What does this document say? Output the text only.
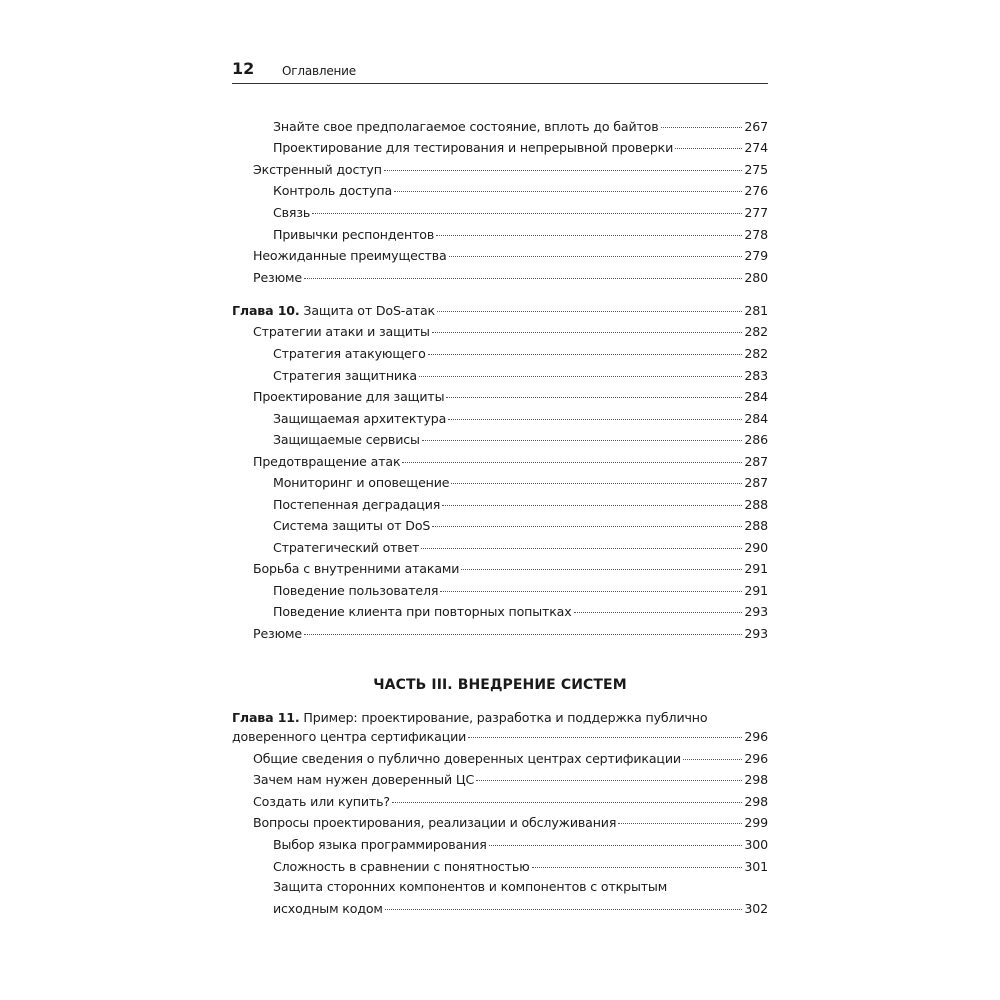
12 Оглавление
Знайте свое предполагаемое состояние, вплоть до байтов	267
Проектирование для тестирования и непрерывной проверки	274
Экстренный доступ	275
Контроль доступа	276
Связь	277
Привычки респондентов	278
Неожиданные преимущества	279
Резюме	280
Глава 10. Защита от DoS-атак	281
Стратегии атаки и защиты	282
Стратегия атакующего	282
Стратегия защитника	283
Проектирование для защиты	284
Защищаемая архитектура	284
Защищаемые сервисы	286
Предотвращение атак	287
Мониторинг и оповещение	287
Постепенная деградация	288
Система защиты от DoS	288
Стратегический ответ	290
Борьба с внутренними атаками	291
Поведение пользователя	291
Поведение клиента при повторных попытках	293
Резюме	293
ЧАСТЬ III. ВНЕДРЕНИЕ СИСТЕМ
Глава 11. Пример: проектирование, разработка и поддержка публично
доверенного центра сертификации	296
Общие сведения о публично доверенных центрах сертификации	296
Зачем нам нужен доверенный ЦС	298
Создать или купить?	298
Вопросы проектирования, реализации и обслуживания	299
Выбор языка программирования	300
Сложность в сравнении с понятностью	301
Защита сторонних компонентов и компонентов с открытым
исходным кодом	302
